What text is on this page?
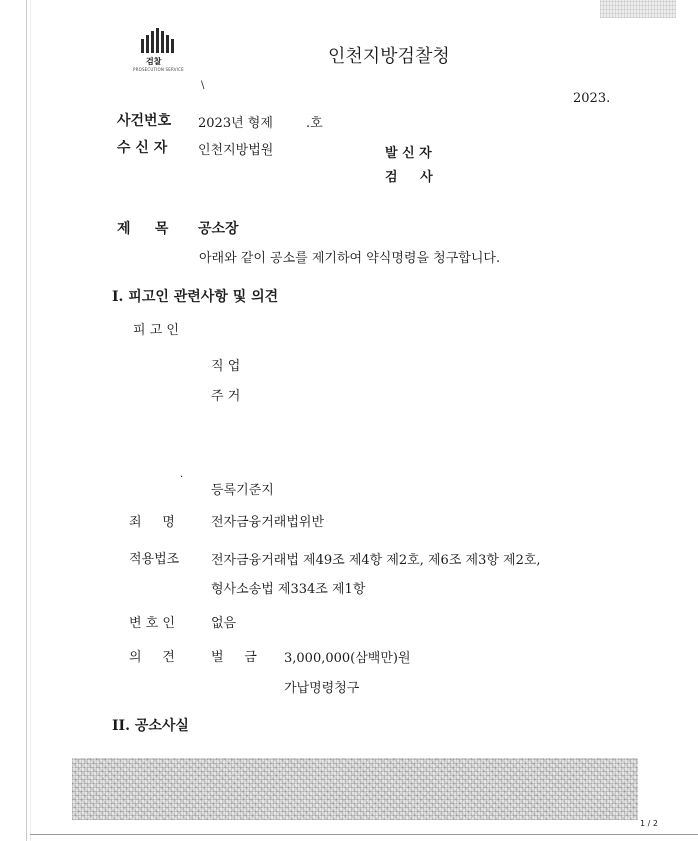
검찰
PROSECUTION SERVICE
인천지방검찰청
\
2023.
사건번호 2023년 형제	.호
수 신 자 인천지방법원	발 신 자
검     사
제     목 공소장
아래와 같이 공소를 제기하여 약식명령을 청구합니다.
I. 피고인 관련사항 및 의견
피 고 인
직 업
주 거
·
등록기준지
죄     명	전자금융거래법위반
적용법조 전자금융거래법 제49조 제4항 제2호, 제6조 제3항 제2호,
형사소송법 제334조 제1항
변 호 인	없음
의     견	벌     금 3,000,000(삼백만)원
가납명령청구
II. 공소사실
1 / 2
